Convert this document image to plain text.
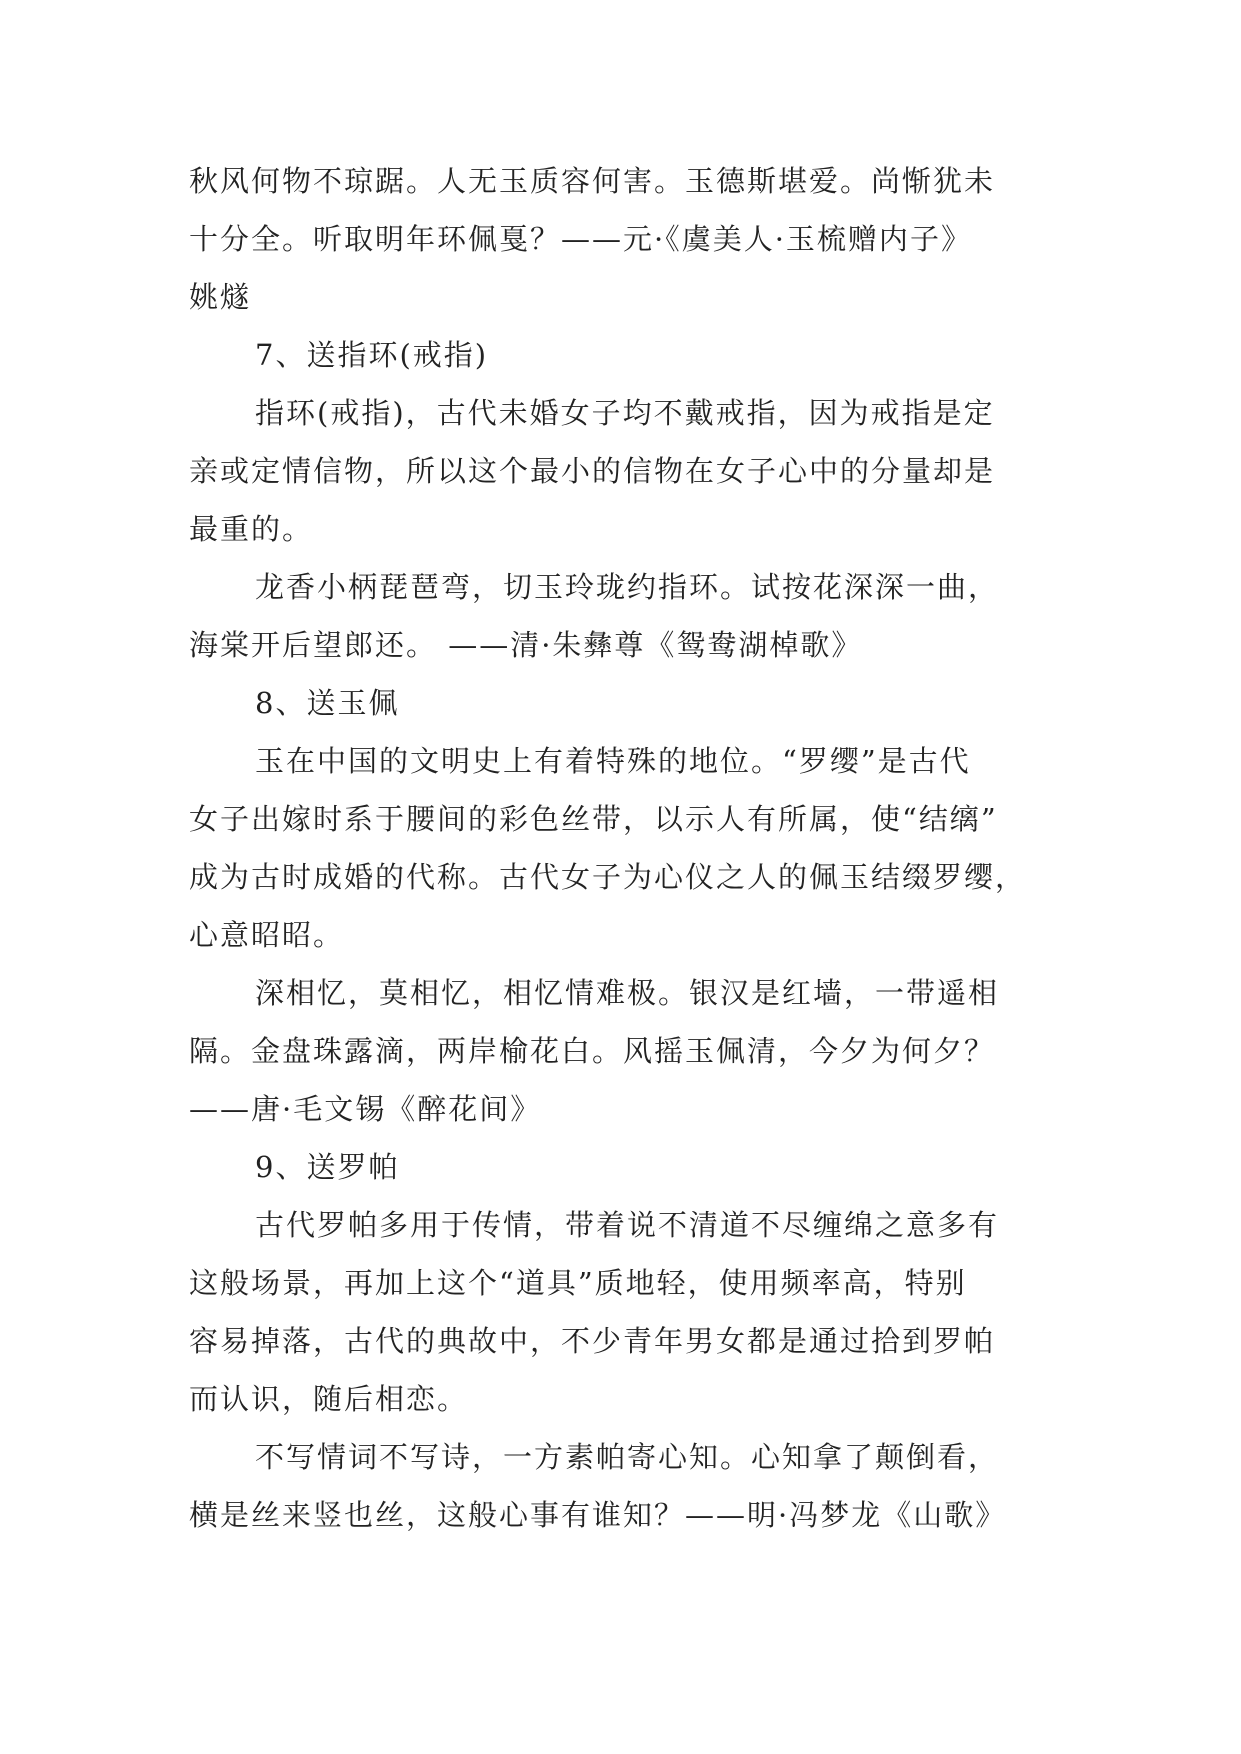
秋风何物不琼踞。人无玉质容何害。玉德斯堪爱。尚惭犹未
十分全。听取明年环佩戛？——元·《虞美人·玉梳赠内子》
姚燧

7、送指环(戒指)

指环(戒指)，古代未婚女子均不戴戒指，因为戒指是定
亲或定情信物，所以这个最小的信物在女子心中的分量却是
最重的。

龙香小柄琵琶弯，切玉玲珑约指环。试按花深深一曲，
海棠开后望郎还。 ——清·朱彝尊《鸳鸯湖棹歌》

8、送玉佩

玉在中国的文明史上有着特殊的地位。“罗缨”是古代
女子出嫁时系于腰间的彩色丝带，以示人有所属，使“结缡”
成为古时成婚的代称。古代女子为心仪之人的佩玉结缀罗缨，
心意昭昭。

深相忆，莫相忆，相忆情难极。银汉是红墙，一带遥相
隔。金盘珠露滴，两岸榆花白。风摇玉佩清，今夕为何夕？
——唐·毛文锡《醉花间》

9、送罗帕

古代罗帕多用于传情，带着说不清道不尽缠绵之意多有
这般场景，再加上这个“道具”质地轻，使用频率高，特别
容易掉落，古代的典故中，不少青年男女都是通过拾到罗帕
而认识，随后相恋。

不写情词不写诗，一方素帕寄心知。心知拿了颠倒看，
横是丝来竖也丝，这般心事有谁知？——明·冯梦龙《山歌》
